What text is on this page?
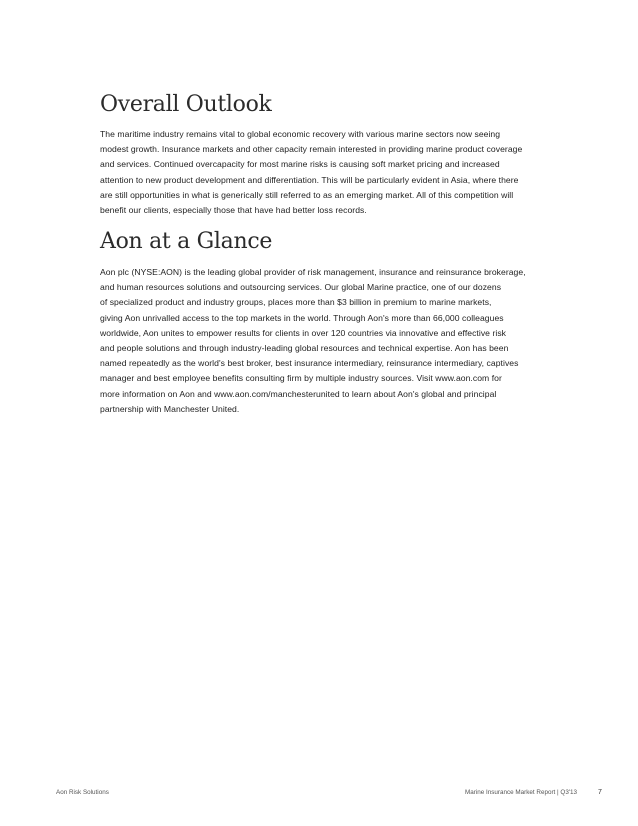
Overall Outlook

The maritime industry remains vital to global economic recovery with various marine sectors now seeing
modest growth. Insurance markets and other capacity remain interested in providing marine product coverage
and services. Continued overcapacity for most marine risks is causing soft market pricing and increased
attention to new product development and differentiation. This will be particularly evident in Asia, where there
are still opportunities in what is generically still referred to as an emerging market. All of this competition will
benefit our clients, especially those that have had better loss records.

Aon at a Glance

Aon plc (NYSE:AON) is the leading global provider of risk management, insurance and reinsurance brokerage,
and human resources solutions and outsourcing services. Our global Marine practice, one of our dozens
of specialized product and industry groups, places more than $3 billion in premium to marine markets,
giving Aon unrivalled access to the top markets in the world. Through Aon's more than 66,000 colleagues
worldwide, Aon unites to empower results for clients in over 120 countries via innovative and effective risk
and people solutions and through industry-leading global resources and technical expertise. Aon has been
named repeatedly as the world's best broker, best insurance intermediary, reinsurance intermediary, captives
manager and best employee benefits consulting firm by multiple industry sources. Visit www.aon.com for
more information on Aon and www.aon.com/manchesterunited to learn about Aon's global and principal
partnership with Manchester United.

Aon Risk Solutions	Marine Insurance Market Report | Q3'13	7
